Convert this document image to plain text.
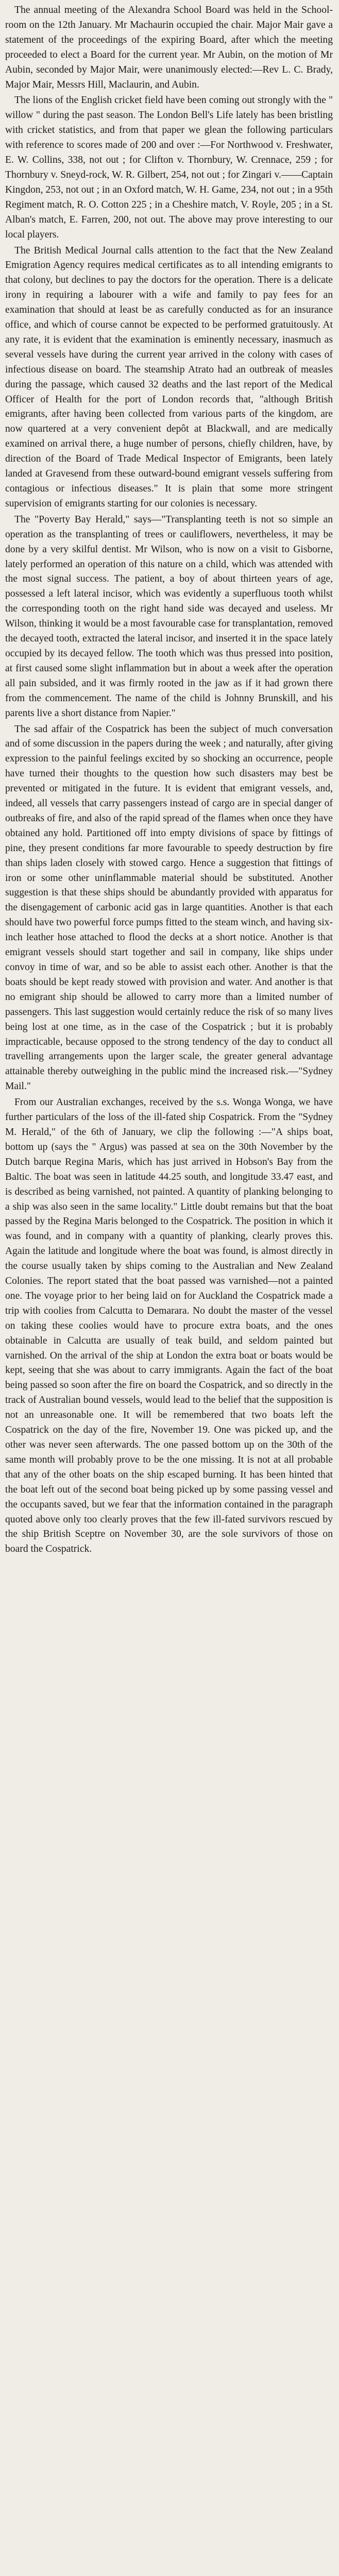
The annual meeting of the Alexandra School Board was held in the School-room on the 12th January. Mr Machaurin occupied the chair. Major Mair gave a statement of the proceedings of the expiring Board, after which the meeting proceeded to elect a Board for the current year. Mr Aubin, on the motion of Mr Aubin, seconded by Major Mair, were unanimously elected:—Rev L. C. Brady, Major Mair, Messrs Hill, Maclaurin, and Aubin.

The lions of the English cricket field have been coming out strongly with the " willow " during the past season. The London Bell's Life lately has been bristling with cricket statistics, and from that paper we glean the following particulars with reference to scores made of 200 and over :—For Northwood v. Freshwater, E. W. Collins, 338, not out ; for Clifton v. Thornbury, W. Crennace, 259 ; for Thornbury v. Sneyd-rock, W. R. Gilbert, 254, not out ; for Zingari v.——Captain Kingdon, 253, not out ; in an Oxford match, W. H. Game, 234, not out ; in a 95th Regiment match, R. O. Cotton 225 ; in a Cheshire match, V. Royle, 205 ; in a St. Alban's match, E. Farren, 200, not out. The above may prove interesting to our local players.

The British Medical Journal calls attention to the fact that the New Zealand Emigration Agency requires medical certificates as to all intending emigrants to that colony, but declines to pay the doctors for the operation. There is a delicate irony in requiring a labourer with a wife and family to pay fees for an examination that should at least be as carefully conducted as for an insurance office, and which of course cannot be expected to be performed gratuitously. At any rate, it is evident that the examination is eminently necessary, inasmuch as several vessels have during the current year arrived in the colony with cases of infectious disease on board. The steamship Atrato had an outbreak of measles during the passage, which caused 32 deaths and the last report of the Medical Officer of Health for the port of London records that, "although British emigrants, after having been collected from various parts of the kingdom, are now quartered at a very convenient depôt at Blackwall, and are medically examined on arrival there, a huge number of persons, chiefly children, have, by direction of the Board of Trade Medical Inspector of Emigrants, been lately landed at Gravesend from these outward-bound emigrant vessels suffering from contagious or infectious diseases." It is plain that some more stringent supervision of emigrants starting for our colonies is necessary.

The "Poverty Bay Herald," says—"Transplanting teeth is not so simple an operation as the transplanting of trees or cauliflowers, nevertheless, it may be done by a very skilful dentist. Mr Wilson, who is now on a visit to Gisborne, lately performed an operation of this nature on a child, which was attended with the most signal success. The patient, a boy of about thirteen years of age, possessed a left lateral incisor, which was evidently a superfluous tooth whilst the corresponding tooth on the right hand side was decayed and useless. Mr Wilson, thinking it would be a most favourable case for transplantation, removed the decayed tooth, extracted the lateral incisor, and inserted it in the space lately occupied by its decayed fellow. The tooth which was thus pressed into position, at first caused some slight inflammation but in about a week after the operation all pain subsided, and it was firmly rooted in the jaw as if it had grown there from the commencement. The name of the child is Johnny Brunskill, and his parents live a short distance from Napier."

The sad affair of the Cospatrick has been the subject of much conversation and of some discussion in the papers during the week ; and naturally, after giving expression to the painful feelings excited by so shocking an occurrence, people have turned their thoughts to the question how such disasters may best be prevented or mitigated in the future. It is evident that emigrant vessels, and, indeed, all vessels that carry passengers instead of cargo are in special danger of outbreaks of fire, and also of the rapid spread of the flames when once they have obtained any hold. Partitioned off into empty divisions of space by fittings of pine, they present conditions far more favourable to speedy destruction by fire than ships laden closely with stowed cargo. Hence a suggestion that fittings of iron or some other uninflammable material should be substituted. Another suggestion is that these ships should be abundantly provided with apparatus for the disengagement of carbonic acid gas in large quantities. Another is that each should have two powerful force pumps fitted to the steam winch, and having six-inch leather hose attached to flood the decks at a short notice. Another is that emigrant vessels should start together and sail in company, like ships under convoy in time of war, and so be able to assist each other. Another is that the boats should be kept ready stowed with provision and water. And another is that no emigrant ship should be allowed to carry more than a limited number of passengers. This last suggestion would certainly reduce the risk of so many lives being lost at one time, as in the case of the Cospatrick ; but it is probably impracticable, because opposed to the strong tendency of the day to conduct all travelling arrangements upon the larger scale, the greater general advantage attainable thereby outweighing in the public mind the increased risk.—"Sydney Mail."

From our Australian exchanges, received by the s.s. Wonga Wonga, we have further particulars of the loss of the ill-fated ship Cospatrick. From the "Sydney M. Herald," of the 6th of January, we clip the following :—"A ships boat, bottom up (says the " Argus) was passed at sea on the 30th November by the Dutch barque Regina Maris, which has just arrived in Hobson's Bay from the Baltic. The boat was seen in latitude 44.25 south, and longitude 33.47 east, and is described as being varnished, not painted. A quantity of planking belonging to a ship was also seen in the same locality." Little doubt remains but that the boat passed by the Regina Maris belonged to the Cospatrick. The position in which it was found, and in company with a quantity of planking, clearly proves this. Again the latitude and longitude where the boat was found, is almost directly in the course usually taken by ships coming to the Australian and New Zealand Colonies. The report stated that the boat passed was varnished—not a painted one. The voyage prior to her being laid on for Auckland the Cospatrick made a trip with coolies from Calcutta to Demarara. No doubt the master of the vessel on taking these coolies would have to procure extra boats, and the ones obtainable in Calcutta are usually of teak build, and seldom painted but varnished. On the arrival of the ship at London the extra boat or boats would be kept, seeing that she was about to carry immigrants. Again the fact of the boat being passed so soon after the fire on board the Cospatrick, and so directly in the track of Australian bound vessels, would lead to the belief that the supposition is not an unreasonable one. It will be remembered that two boats left the Cospatrick on the day of the fire, November 19. One was picked up, and the other was never seen afterwards. The one passed bottom up on the 30th of the same month will probably prove to be the one missing. It is not at all probable that any of the other boats on the ship escaped burning. It has been hinted that the boat left out of the second boat being picked up by some passing vessel and the occupants saved, but we fear that the information contained in the paragraph quoted above only too clearly proves that the few ill-fated survivors rescued by the ship British Sceptre on November 30, are the sole survivors of those on board the Cospatrick.
